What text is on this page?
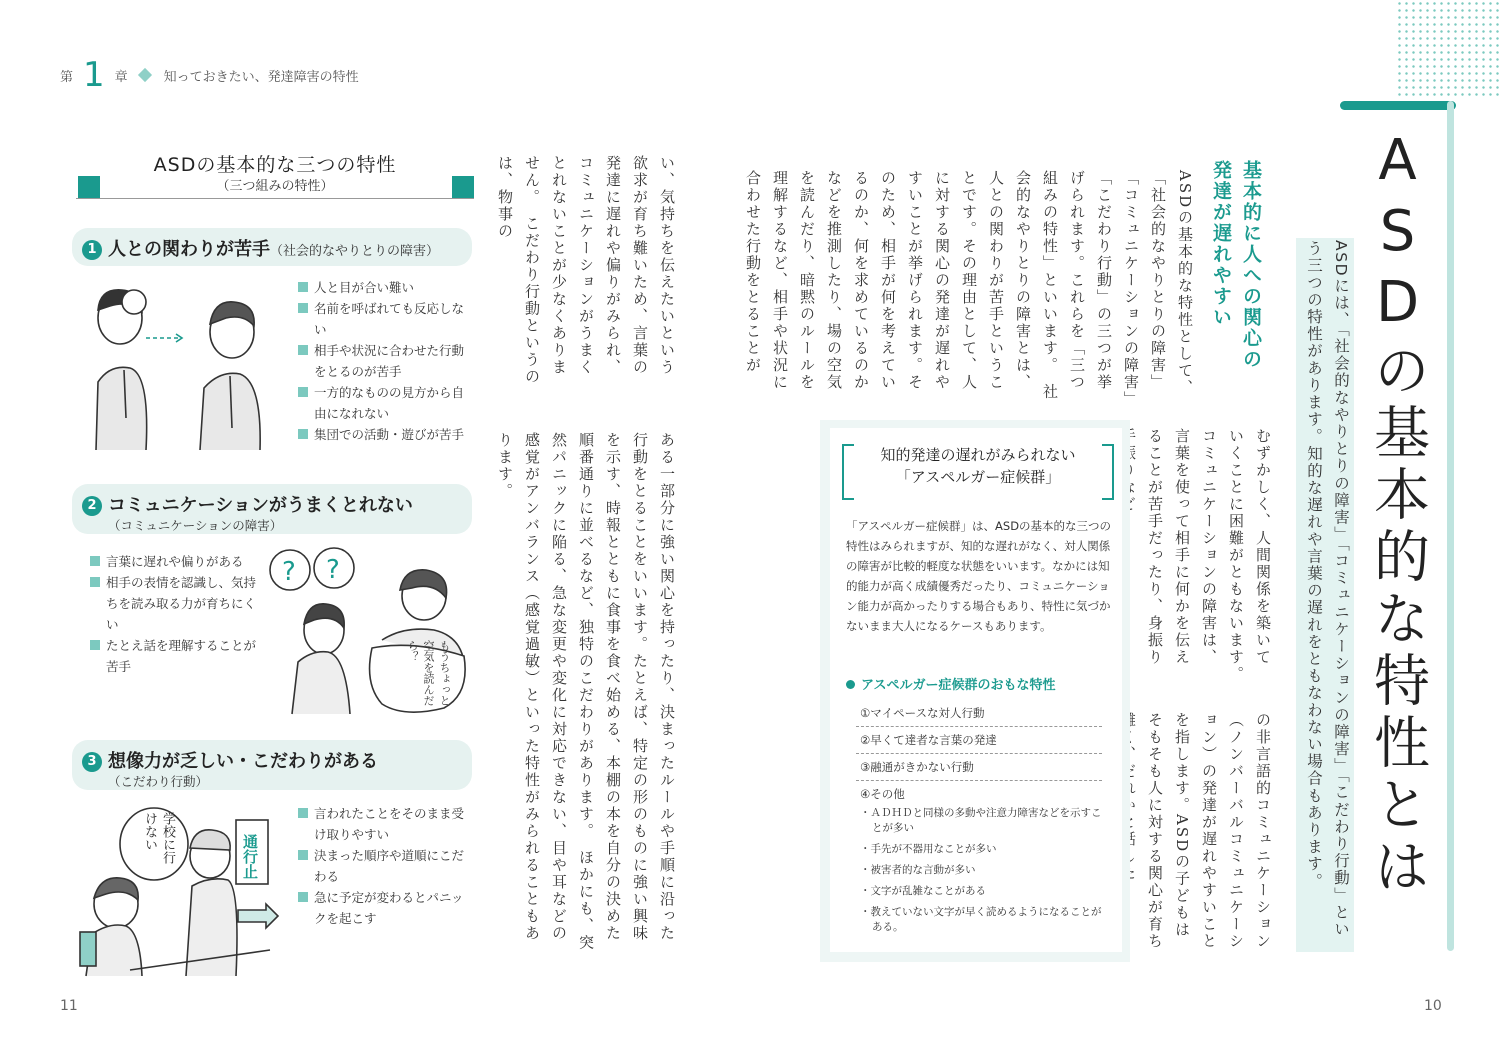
第 1 章	知っておきたい、発達障害の特性
11	10
ASDの基本的な特性とは
ASDには、「社会的なやりとりの障害」「コミュニケーションの障害」「こだわり行動」という三つの特性があります。知的な遅れや言葉の遅れをともなわない場合もあります。
基本的に人への関心の発達が遅れやすい
ASDの基本的な特性として、「社会的なやりとりの障害」「コミュニケーションの障害」「こだわり行動」の三つが挙げられます。これらを「三つ組みの特性」といいます。　社会的なやりとりの障害とは、人との関わりが苦手ということです。その理由として、人に対する関心の発達が遅れやすいことが挙げられます。そのため、相手が何を考えているのか、何を求めているのかなどを推測したり、場の空気を読んだり、暗黙のルールを理解するなど、相手や状況に合わせた行動をとることが
むずかしく、人間関係を築いていくことに困難がともないます。　コミュニケーションの障害は、言葉を使って相手に何かを伝えることが苦手だったり、身振り
の非言語的コミュニケーション（ノンバーバルコミュニケーション）の発達が遅れやすいことを指します。ASDの子どもはそもそも人に対する関心が育ち
知的発達の遅れがみられない
「アスペルガー症候群」
「アスペルガー症候群」は、ASDの基本的な三つの特性はみられますが、知的な遅れがなく、対人関係の障害が比較的軽度な状態をいいます。なかには知的能力が高く成績優秀だったり、コミュニケーション能力が高かったりする場合もあり、特性に気づかないまま大人になるケースもあります。
アスペルガー症候群のおもな特性
①マイペースな対人行動
②早くて達者な言葉の発達
③融通がきかない行動
④その他
・ ＡＤＨＤと同様の多動や注意力障害などを示すことが多い
・ 手先が不器用なことが多い
・ 被害者的な言動が多い
・ 文字が乱雑なことがある
・ 教えていない文字が早く読めるようになることがある。
い、気持ちを伝えたいという欲求が育ち難いため、言葉の発達に遅れや偏りがみられ、コミュニケーションがうまくとれないことが少なくありません。　こだわり行動というのは、物事の
ある一部分に強い関心を持ったり、決まったルールや手順に沿った行動をとることをいいます。たとえば、特定の形のものに強い興味を示す、時報とともに食事を食べ始める、本棚の本を自分の決めた順番通りに並べるなど、独特のこだわりがあります。　ほかにも、突然パニックに陥る、急な変更や変化に対応できない、目や耳などの感覚がアンバランス（感覚過敏）といった特性がみられることもあります。
ASDの基本的な三つの特性
（三つ組みの特性）
1 人との関わりが苦手（社会的なやりとりの障害）
人と目が合い難い
名前を呼ばれても反応しない
相手や状況に合わせた行動をとるのが苦手
一方的なものの見方から自由になれない
集団での活動・遊びが苦手
2 コミュニケーションがうまくとれない
（コミュニケーションの障害）
言葉に遅れや偏りがある
相手の表情を認識し、気持ちを読み取る力が育ちにくい
たとえ話を理解することが苦手
? ?
もうちょっと空気を読んだら？
3 想像力が乏しい・こだわりがある
（こだわり行動）
言われたことをそのまま受け取りやすい
決まった順序や道順にこだわる
急に予定が変わるとパニックを起こす
学校に行けない
通行止
